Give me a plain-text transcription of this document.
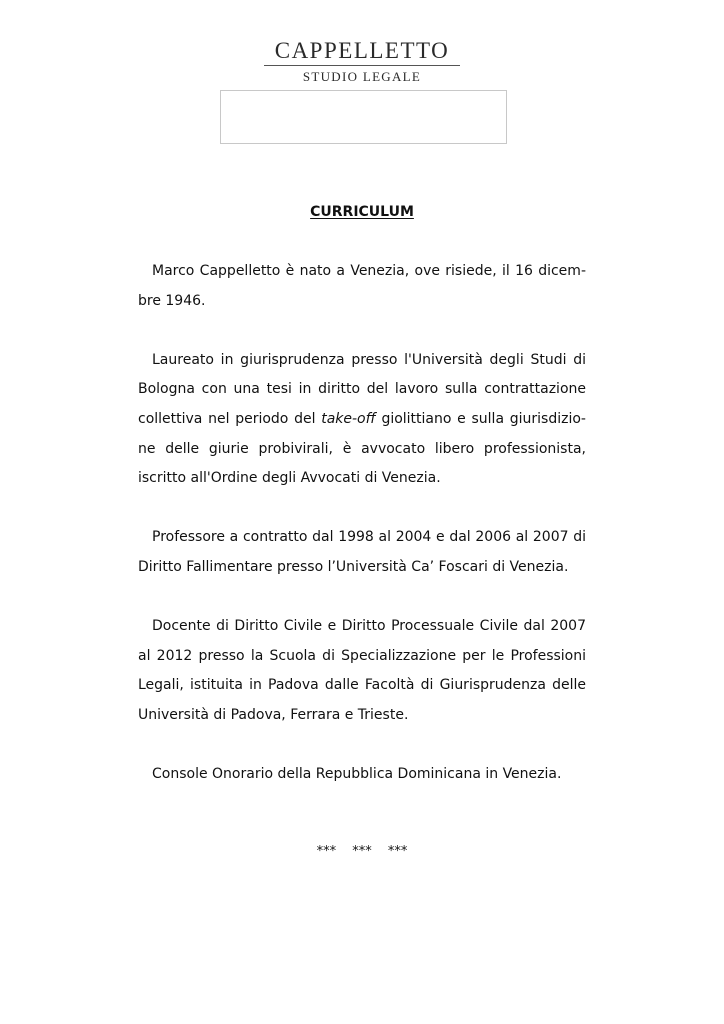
CAPPELLETTO
STUDIO LEGALE
CURRICULUM

Marco Cappelletto è nato a Venezia, ove risiede, il 16 dicembre 1946.

Laureato in giurisprudenza presso l'Università degli Studi di Bologna con una tesi in diritto del lavoro sulla contrattazione collettiva nel periodo del take-off giolittiano e sulla giurisdizione delle giurie probivirali, è avvocato libero professionista, iscritto all'Ordine degli Avvocati di Venezia.

Professore a contratto dal 1998 al 2004 e dal 2006 al 2007 di Diritto Fallimentare presso l’Università Ca’ Foscari di Venezia.

Docente di Diritto Civile e Diritto Processuale Civile dal 2007 al 2012 presso la Scuola di Specializzazione per le Professioni Legali, istituita in Padova dalle Facoltà di Giurisprudenza delle Università di Padova, Ferrara e Trieste.

Console Onorario della Repubblica Dominicana in Venezia.

*** *** ***
